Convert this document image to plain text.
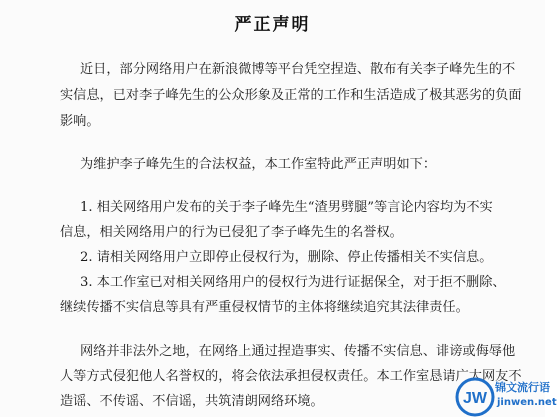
严正声明
近日，部分网络用户在新浪微博等平台凭空捏造、散布有关李子峰先生的不
实信息，已对李子峰先生的公众形象及正常的工作和生活造成了极其恶劣的负面
影响。
为维护李子峰先生的合法权益，本工作室特此严正声明如下：
1. 相关网络用户发布的关于李子峰先生“渣男劈腿”等言论内容均为不实
信息，相关网络用户的行为已侵犯了李子峰先生的名誉权。
2. 请相关网络用户立即停止侵权行为，删除、停止传播相关不实信息。
3. 本工作室已对相关网络用户的侵权行为进行证据保全，对于拒不删除、
继续传播不实信息等具有严重侵权情节的主体将继续追究其法律责任。
网络并非法外之地，在网络上通过捏造事实、传播不实信息、诽谤或侮辱他
人等方式侵犯他人名誉权的，将会依法承担侵权责任。本工作室恳请广大网友不
造谣、不传谣、不信谣，共筑清朗网络环境。	JW
锦文流行语
jinwen.net
